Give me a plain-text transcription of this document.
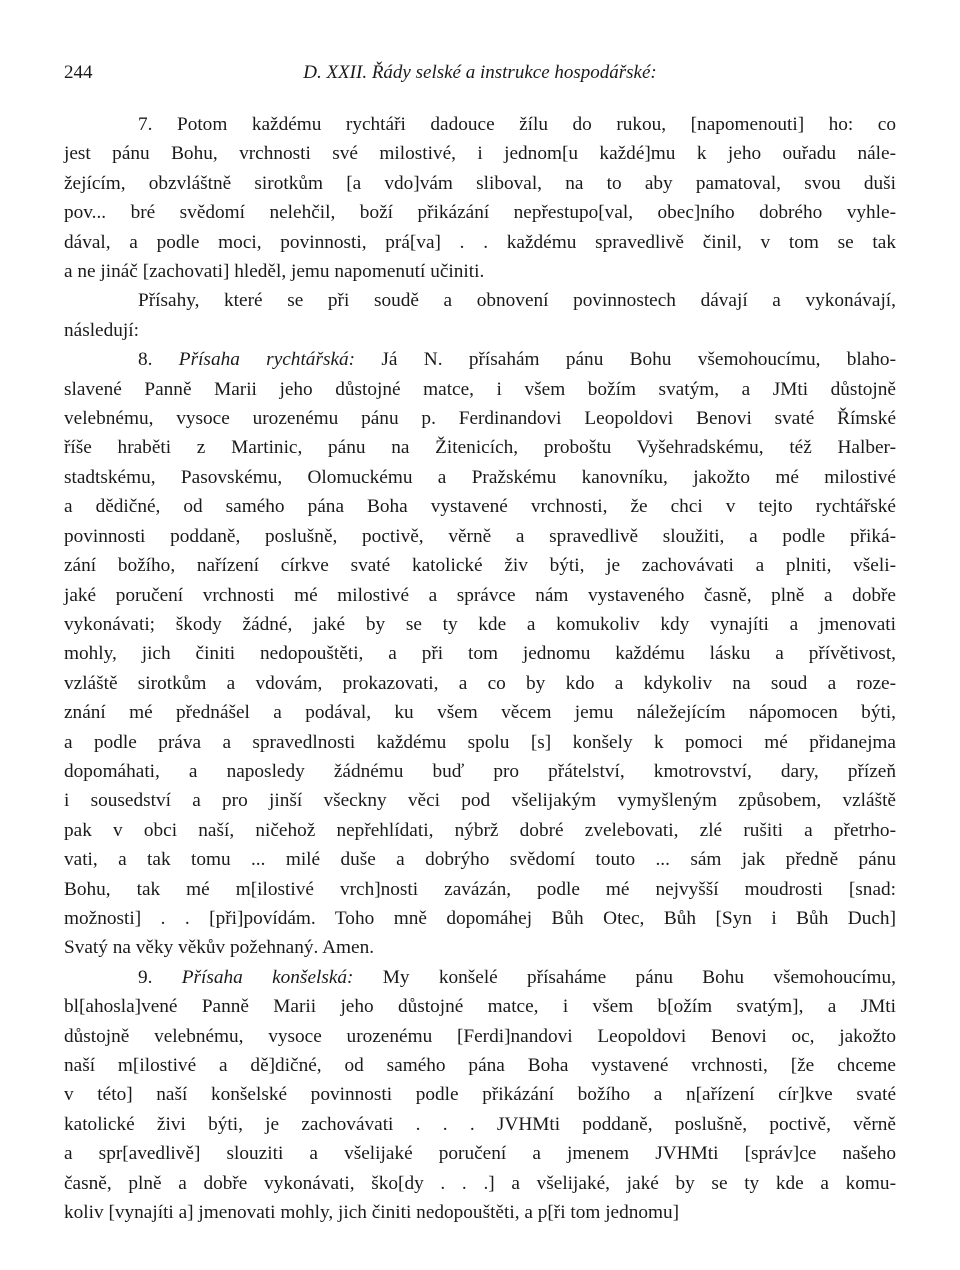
244	D. XXII. Řády selské a instrukce hospodářské:
7. Potom každému rychtáři dadouce žílu do rukou, [napomenouti] ho: co
jest pánu Bohu, vrchnosti své milostivé, i jednom[u každé]mu k jeho ouřadu nále-
žejícím, obzvláštně sirotkům [a vdo]vám sliboval, na to aby pamatoval, svou duši
pov... bré svědomí nelehčil, boží přikázání nepřestupo[val, obec]ního dobrého vyhle-
dával, a podle moci, povinnosti, prá[va] . . každému spravedlivě činil, v tom se tak
a ne jináč [zachovati] hleděl, jemu napomenutí učiniti.
Přísahy, které se při soudě a obnovení povinnostech dávají a vykonávají,
následují:
8. Přísaha rychtářská: Já N. přísahám pánu Bohu všemohoucímu, blaho-
slavené Panně Marii jeho důstojné matce, i všem božím svatým, a JMti důstojně
velebnému, vysoce urozenému pánu p. Ferdinandovi Leopoldovi Benovi svaté Římské
říše hraběti z Martinic, pánu na Žitenicích, proboštu Vyšehradskému, též Halber-
stadtskému, Pasovskému, Olomuckému a Pražskému kanovníku, jakožto mé milostivé
a dědičné, od samého pána Boha vystavené vrchnosti, že chci v tejto rychtářské
povinnosti poddaně, poslušně, poctivě, věrně a spravedlivě sloužiti, a podle přiká-
zání božího, nařízení církve svaté katolické živ býti, je zachovávati a plniti, všeli-
jaké poručení vrchnosti mé milostivé a správce nám vystaveného časně, plně a dobře
vykonávati; škody žádné, jaké by se ty kde a komukoliv kdy vynajíti a jmenovati
mohly, jich činiti nedopouštěti, a při tom jednomu každému lásku a přívětivost,
vzláště sirotkům a vdovám, prokazovati, a co by kdo a kdykoliv na soud a rozе-
znání mé přednášel a podával, ku všem věcem jemu náležejícím nápomocen býti,
a podle práva a spravedlnosti každému spolu [s] konšely k pomoci mé přidanejma
dopomáhati, a naposledy žádnému buď pro přátelství, kmotrovství, dary, přízeň
i sousedství a pro jinší všeckny věci pod všelijakým vymyšleným způsobem, vzláště
pak v obci naší, ničehož nepřehlídati, nýbrž dobré zvelebovati, zlé rušiti a přetrho-
vati, a tak tomu ... milé duše a dobrýho svědomí touto ... sám jak předně pánu
Bohu, tak mé m[ilostivé vrch]nosti zavázán, podle mé nejvyšší moudrosti [snad:
možnosti] . . [při]povídám. Toho mně dopomáhej Bůh Otec, Bůh [Syn i Bůh Duch]
Svatý na věky věkův požehnaný. Amen.
9. Přísaha konšelská: My konšelé přísaháme pánu Bohu všemohoucímu,
bl[ahosla]vené Panně Marii jeho důstojné matce, i všem b[ožím svatým], a JMti
důstojně velebnému, vysoce urozenému [Ferdi]nandovi Leopoldovi Benovi oc, jakožto
naší m[ilostivé a dě]dičné, od samého pána Boha vystavené vrchnosti, [že chceme
v této] naší konšelské povinnosti podle přikázání božího a n[ařízení cír]kve svaté
katolické živi býti, je zachovávati . . . JVHMti poddaně, poslušně, poctivě, věrně
a spr[avedlivě] slouziti a všelijaké poručení a jmenem JVHMti [správ]ce našeho
časně, plně a dobře vykonávati, ško[dy . . .] a všelijaké, jaké by se ty kde a komu-
koliv [vynajíti a] jmenovati mohly, jich činiti nedopouštěti, a p[ři tom jednomu]
